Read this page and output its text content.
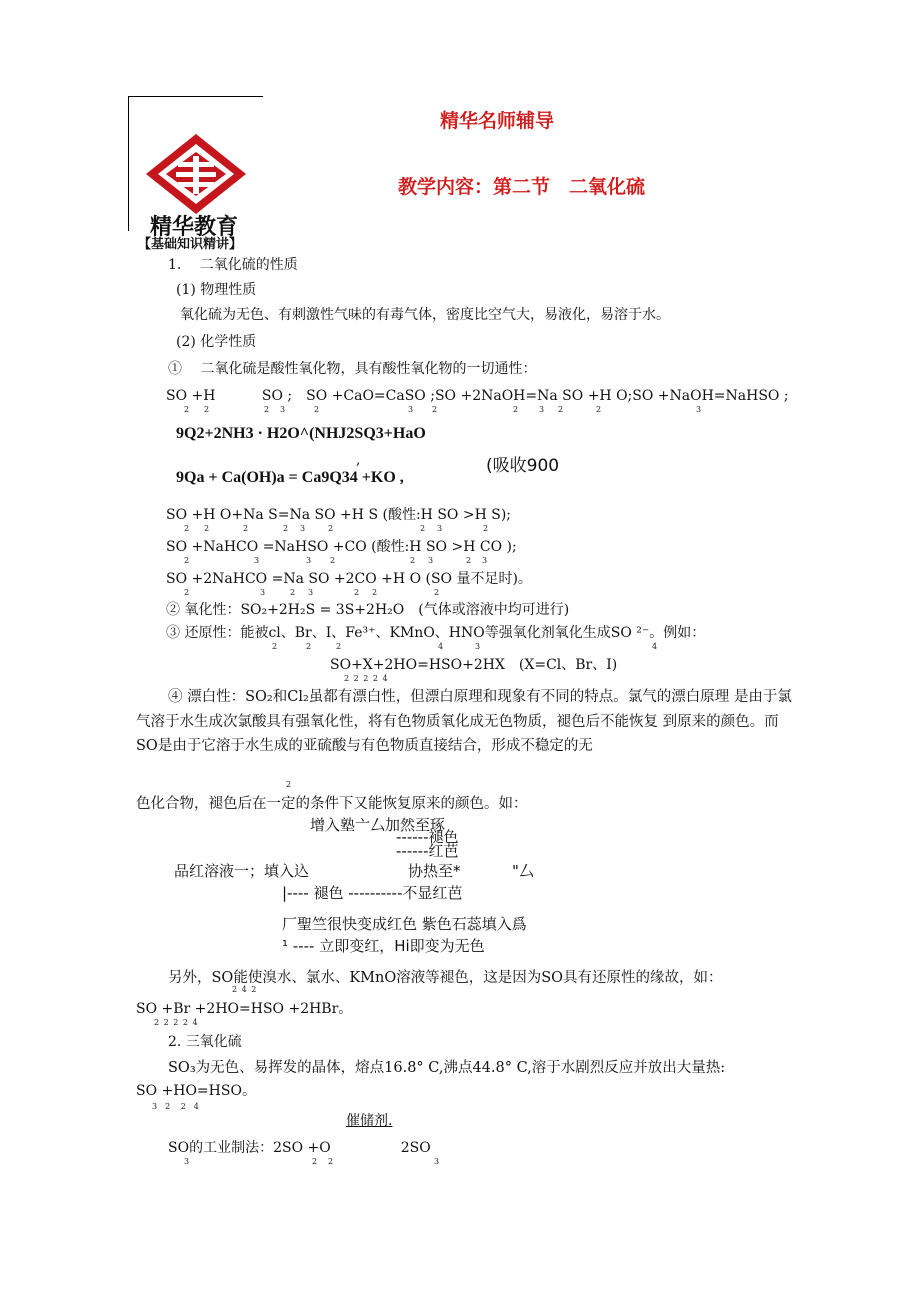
精华教育
精华名师辅导
教学内容：第二节　二氧化硫
【基础知识精讲】
1.　 二氧化硫的性质
(1) 物理性质
氧化硫为无色、有刺激性气味的有毒气体，密度比空气大，易液化，易溶于水。
(2) 化学性质
①　 二氧化硫是酸性氧化物，具有酸性氧化物的一切通性：
SO +H　　　 SO ;　SO +CaO=CaSO ;SO +2NaOH=Na SO +H O;SO +NaOH=NaHSO ;
2 2	2 3	2	3 2	2	3 2	2	3
9Q2+2NH3 · H2O^(NHJ2SQ3+HaO
,	(吸收900
9Qa + Ca(OH)a = Ca9Q34 +KO ,
SO +H O+Na S=Na SO +H S (酸性:H SO >H S);
2 2	2	2 3	2	2 3	2
SO +NaHCO =NaHSO +CO (酸性:H SO >H CO );
2	3	3 2	2 3	2 3
SO +2NaHCO =Na SO +2CO +H O (SO 量不足时)。
2	3	2 3	2 2	2
② 氧化性：SO₂+2H₂S = 3S+2H₂O　(气体或溶液中均可进行)
③ 还原性：能被cl、Br、I、Fe³⁺、KMnO、HNO等强氧化剂氧化生成SO ²⁻。例如：
2	2	2	4	3	4
SO+X+2HO=HSO+2HX　(X=Cl、Br、I)
2 2 2 2 4
④ 漂白性：SO₂和Cl₂虽都有漂白性，但漂白原理和现象有不同的特点。氯气的漂白原理 是由于氯气溶于水生成次氯酸具有强氧化性，将有色物质氧化成无色物质，褪色后不能恢复 到原来的颜色。而SO是由于它溶于水生成的亚硫酸与有色物质直接结合，形成不稳定的无
2
色化合物，褪色后在一定的条件下又能恢复原来的颜色。如：
增入塾亠厶加然至琢
------褪色
------红芭
品红溶液一；填入込	协热至*	"厶
|---- 褪色 ----------不显红芭
厂聖竺很快变成红色 紫色石蕊填入爲
¹ ---- 立即变红，Hi即变为无色
另外，SO能使溴水、氯水、KMnO溶液等褪色，这是因为SO具有还原性的缘故，如：
2 4 2
SO +Br +2HO=HSO +2HBr。
2 2 2 2 4
2. 三氧化硫
SO₃为无色、易挥发的晶体，熔点16.8° C,沸点44.8° C,溶于水剧烈反应并放出大量热:
SO +HO=HSO。
3　2　 2　4
催储剂.
SO的工业制法：2SO +O　　　　　2SO
3	2 2	3
